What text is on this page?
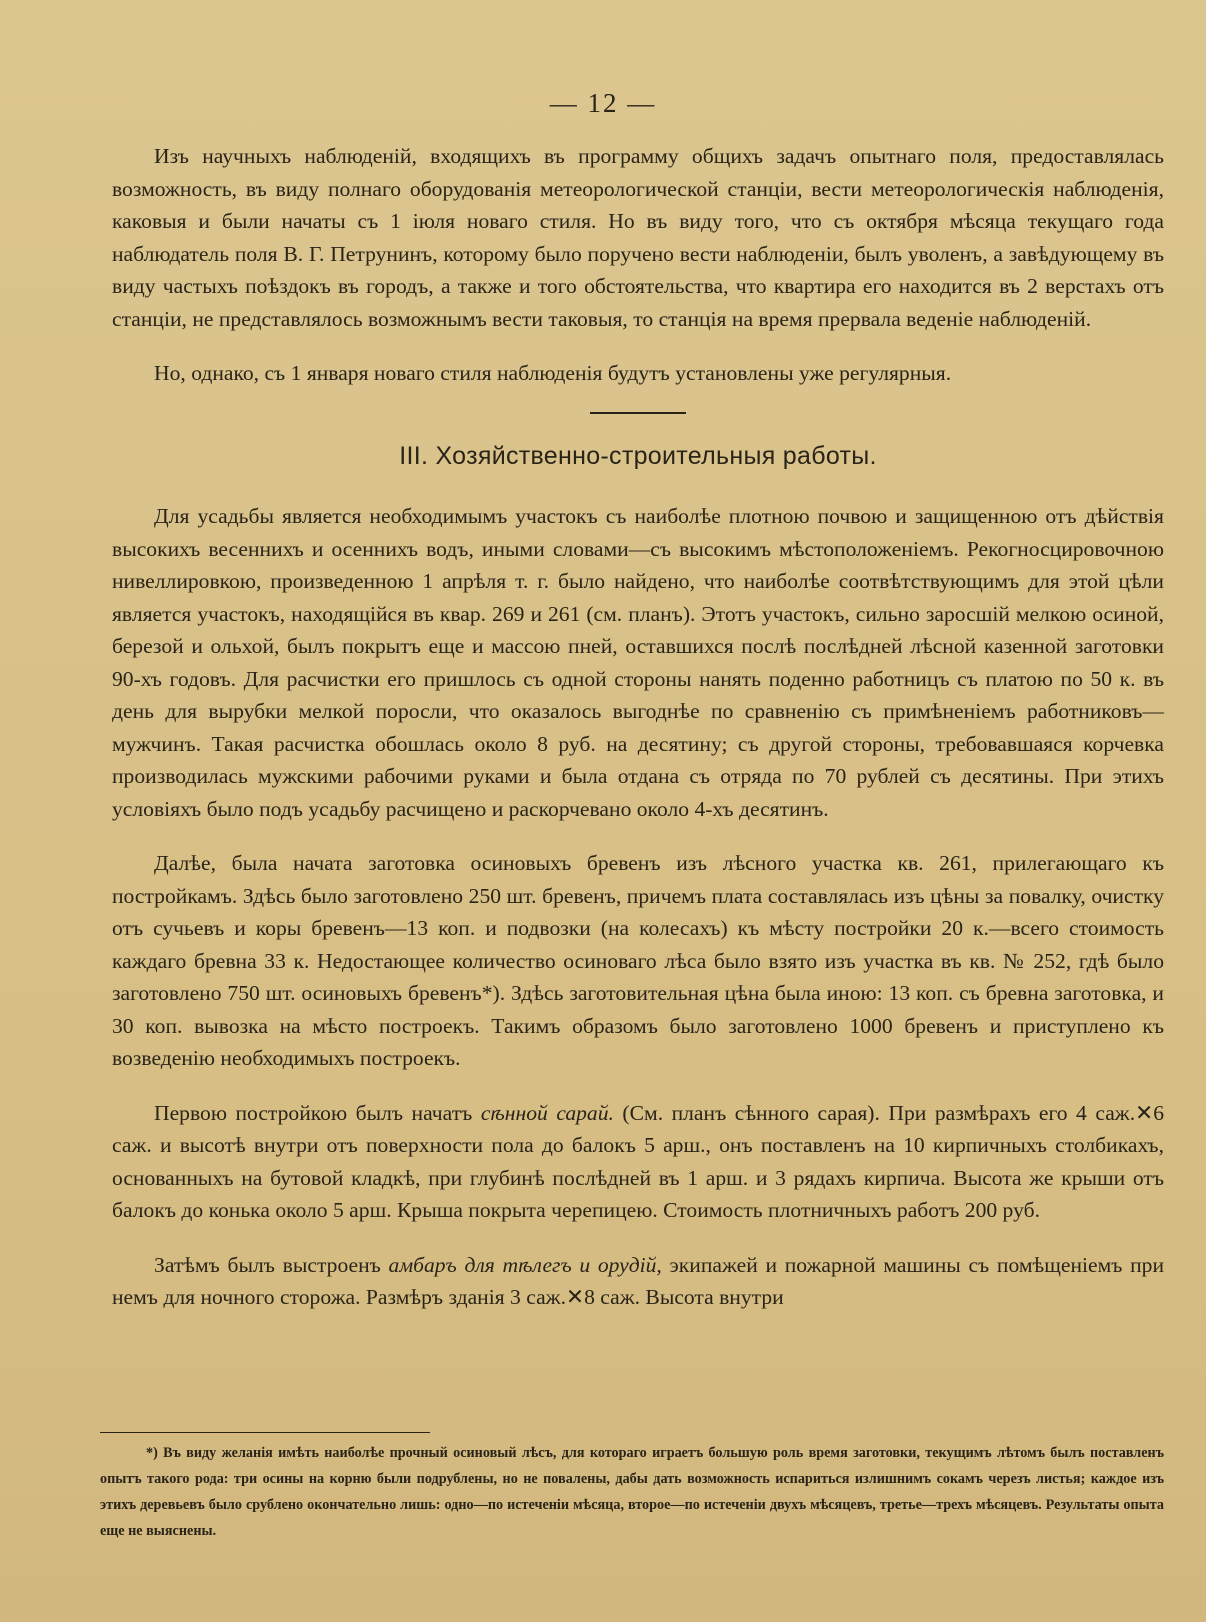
— 12 —

Изъ научныхъ наблюденій, входящихъ въ программу общихъ задачъ опытнаго поля, предоставлялась возможность, въ виду полнаго оборудованія метеорологической станціи, вести метеорологическія наблюденія, каковыя и были начаты съ 1 іюля новаго стиля. Но въ виду того, что съ октября мѣсяца текущаго года наблюдатель поля В. Г. Петрунинъ, которому было поручено вести наблюденіи, былъ уволенъ, а завѣдующему въ виду частыхъ поѣздокъ въ городъ, а также и того обстоятельства, что квартира его находится въ 2 верстахъ отъ станціи, не представлялось возможнымъ вести таковыя, то станція на время прервала веденіе наблюденій.

Но, однако, съ 1 января новаго стиля наблюденія будутъ установлены уже регулярныя.

III. Хозяйственно-строительныя работы.

Для усадьбы является необходимымъ участокъ съ наиболѣе плотною почвою и защищенною отъ дѣйствія высокихъ весеннихъ и осеннихъ водъ, иными словами—съ высокимъ мѣстоположеніемъ. Рекогносцировочною нивеллировкою, произведенною 1 апрѣля т. г. было найдено, что наиболѣе соотвѣтствующимъ для этой цѣли является участокъ, находящійся въ квар. 269 и 261 (см. планъ). Этотъ участокъ, сильно заросшій мелкою осиной, березой и ольхой, былъ покрытъ еще и массою пней, оставшихся послѣ послѣдней лѣсной казенной заготовки 90-хъ годовъ. Для расчистки его пришлось съ одной стороны нанять поденно работницъ съ платою по 50 к. въ день для вырубки мелкой поросли, что оказалось выгоднѣе по сравненію съ примѣненіемъ работниковъ—мужчинъ. Такая расчистка обошлась около 8 руб. на десятину; съ другой стороны, требовавшаяся корчевка производилась мужскими рабочими руками и была отдана съ отряда по 70 рублей съ десятины. При этихъ условіяхъ было подъ усадьбу расчищено и раскорчевано около 4-хъ десятинъ.

Далѣе, была начата заготовка осиновыхъ бревенъ изъ лѣсного участка кв. 261, прилегающаго къ постройкамъ. Здѣсь было заготовлено 250 шт. бревенъ, причемъ плата составлялась изъ цѣны за повалку, очистку отъ сучьевъ и коры бревенъ—13 коп. и подвозки (на колесахъ) къ мѣсту постройки 20 к.—всего стоимость каждаго бревна 33 к. Недостающее количество осиноваго лѣса было взято изъ участка въ кв. № 252, гдѣ было заготовлено 750 шт. осиновыхъ бревенъ*). Здѣсь заготовительная цѣна была иною: 13 коп. съ бревна заготовка, и 30 коп. вывозка на мѣсто построекъ. Такимъ образомъ было заготовлено 1000 бревенъ и приступлено къ возведенію необходимыхъ построекъ.

Первою постройкою былъ начатъ сѣнной сарай. (См. планъ сѣнного сарая). При размѣрахъ его 4 саж.✕6 саж. и высотѣ внутри отъ поверхности пола до балокъ 5 арш., онъ поставленъ на 10 кирпичныхъ столбикахъ, основанныхъ на бутовой кладкѣ, при глубинѣ послѣдней въ 1 арш. и 3 рядахъ кирпича. Высота же крыши отъ балокъ до конька около 5 арш. Крыша покрыта черепицею. Стоимость плотничныхъ работъ 200 руб.

Затѣмъ былъ выстроенъ амбаръ для тѣлегъ и орудій, экипажей и пожарной машины съ помѣщеніемъ при немъ для ночного сторожа. Размѣръ зданія 3 саж.✕8 саж. Высота внутри

*) Въ виду желанія имѣть наиболѣе прочный осиновый лѣсъ, для котораго играетъ большую роль время заготовки, текущимъ лѣтомъ былъ поставленъ опытъ такого рода: три осины на корню были подрублены, но не повалены, дабы дать возможность испариться излишнимъ сокамъ черезъ листья; каждое изъ этихъ деревьевъ было срублено окончательно лишь: одно—по истеченіи мѣсяца, второе—по истеченіи двухъ мѣсяцевъ, третье—трехъ мѣсяцевъ. Результаты опыта еще не выяснены.
